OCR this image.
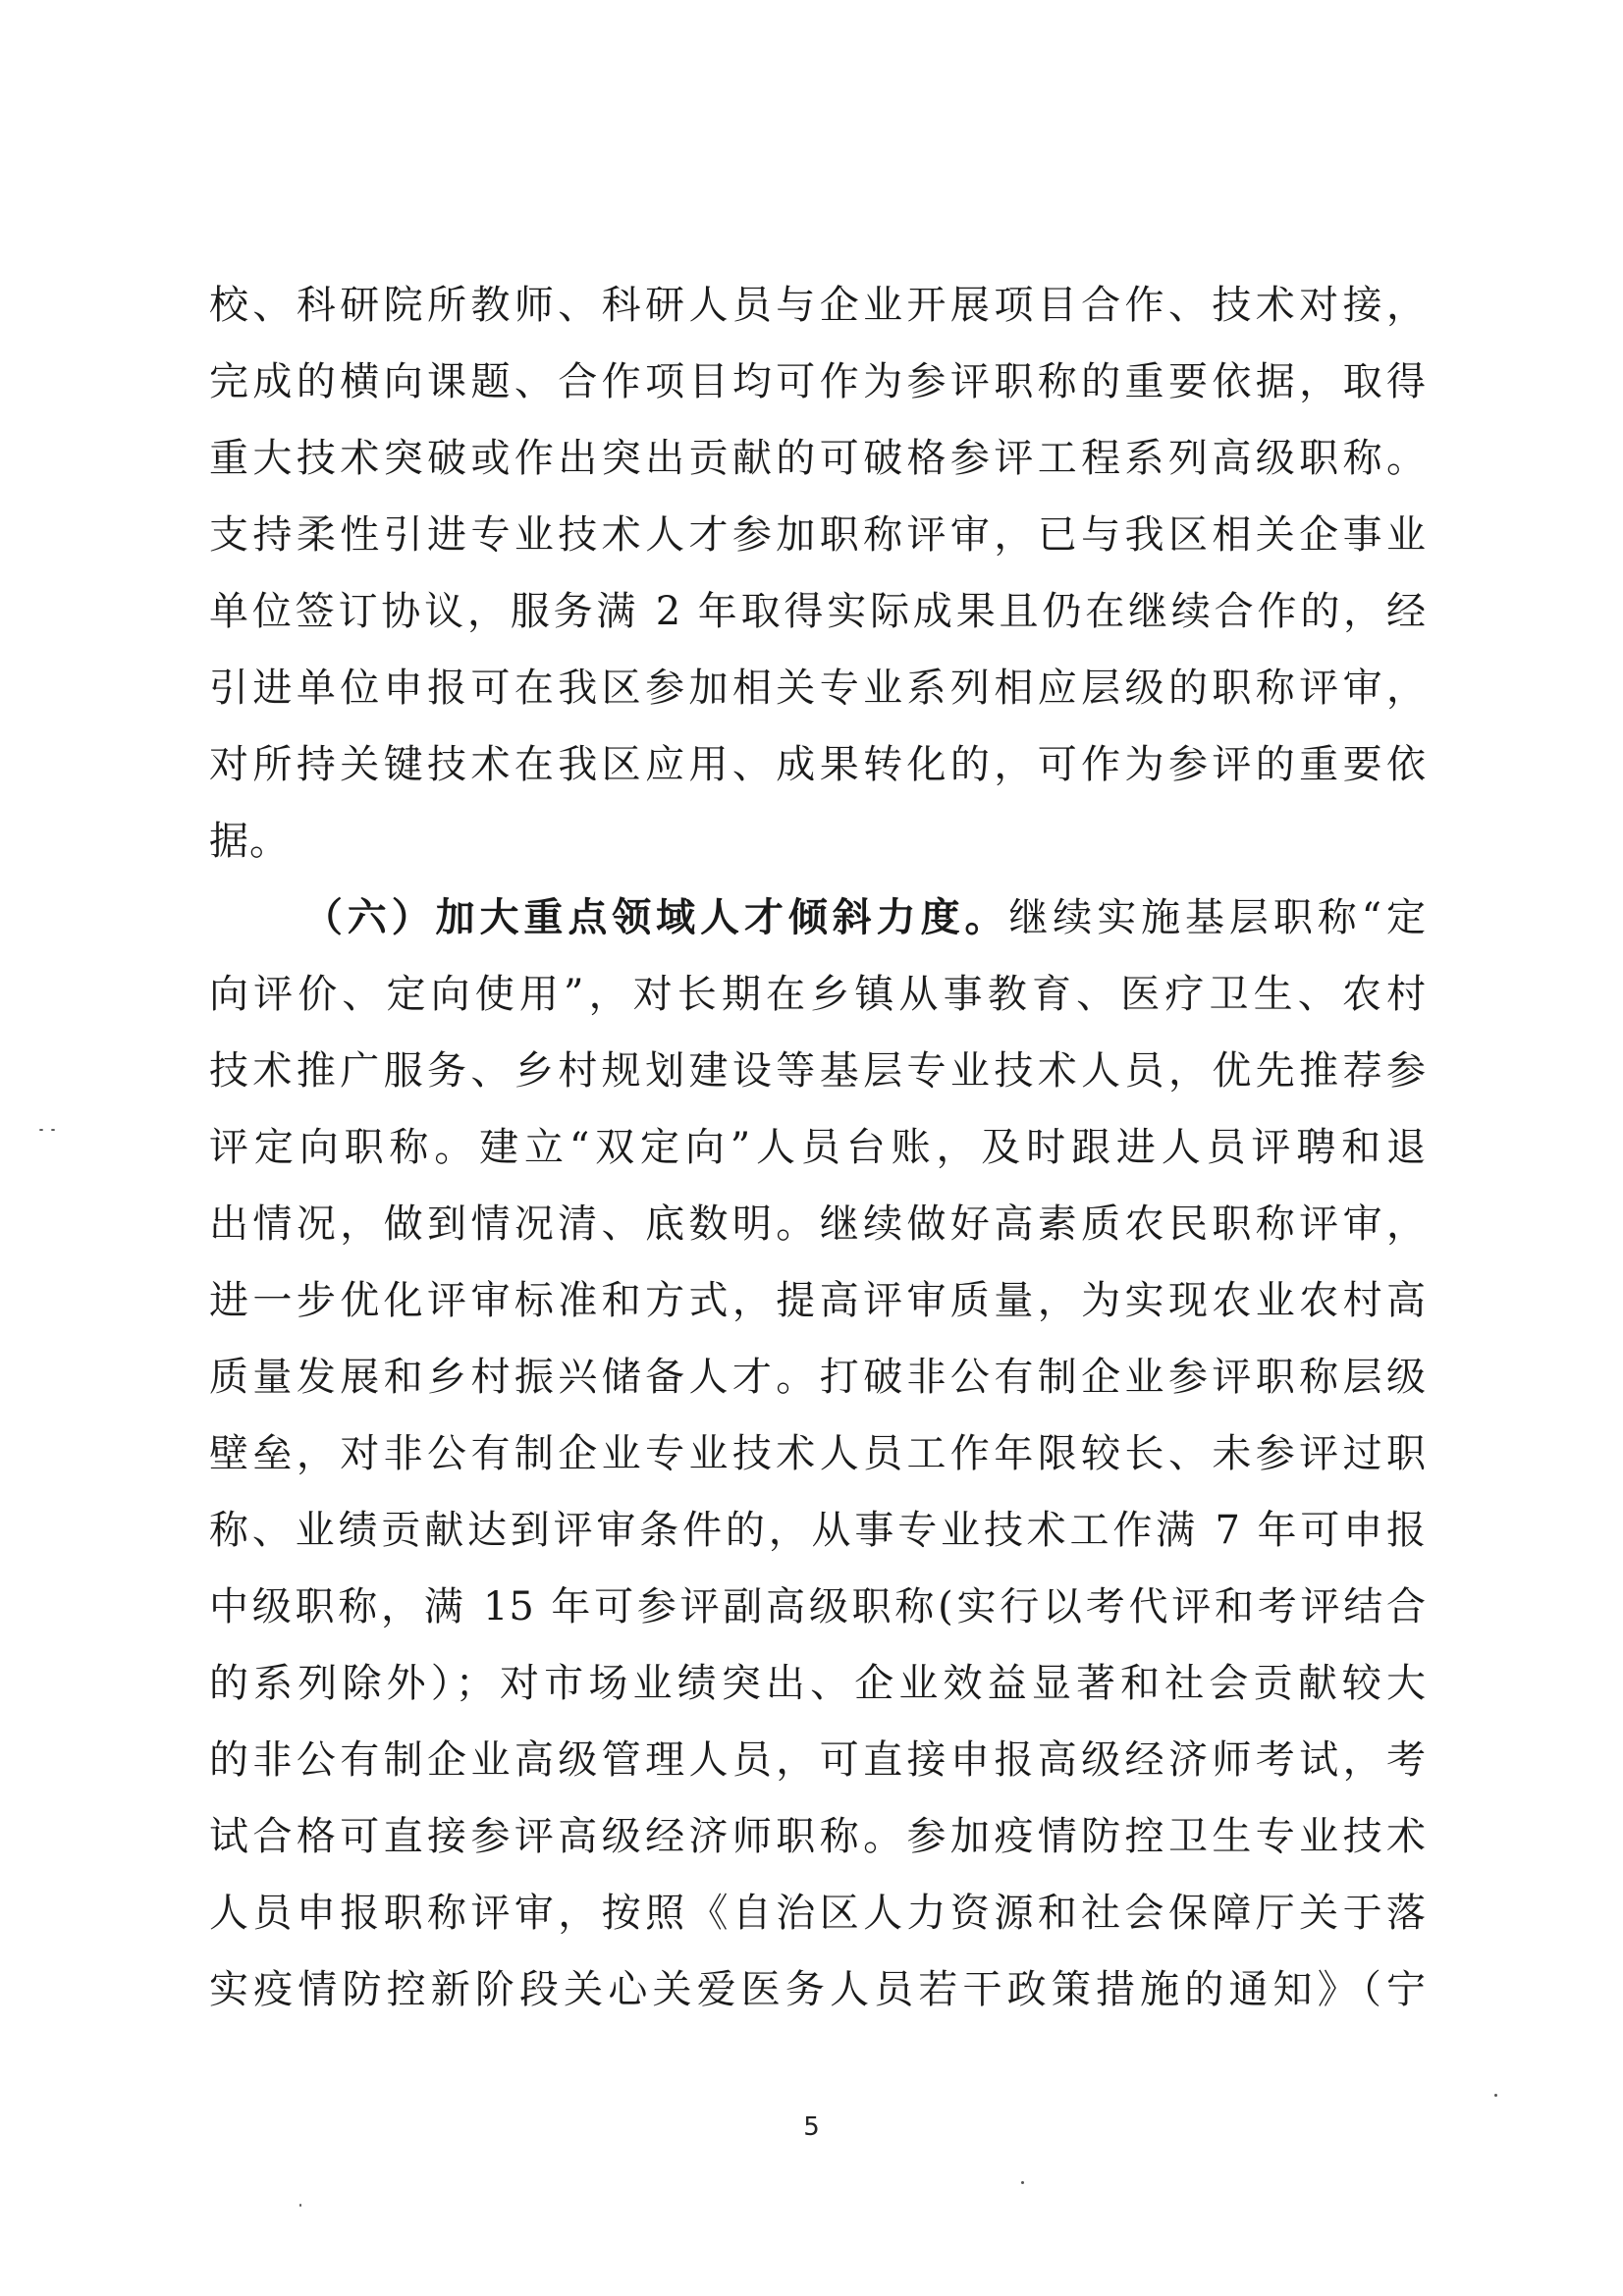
校、科研院所教师、科研人员与企业开展项目合作、技术对接，
完成的横向课题、合作项目均可作为参评职称的重要依据，取得
重大技术突破或作出突出贡献的可破格参评工程系列高级职称。
支持柔性引进专业技术人才参加职称评审，已与我区相关企事业
单位签订协议，服务满 2 年取得实际成果且仍在继续合作的，经
引进单位申报可在我区参加相关专业系列相应层级的职称评审，
对所持关键技术在我区应用、成果转化的，可作为参评的重要依
据。
（六）加大重点领域人才倾斜力度。继续实施基层职称“定
向评价、定向使用”，对长期在乡镇从事教育、医疗卫生、农村
技术推广服务、乡村规划建设等基层专业技术人员，优先推荐参
评定向职称。建立“双定向”人员台账，及时跟进人员评聘和退
出情况，做到情况清、底数明。继续做好高素质农民职称评审，
进一步优化评审标准和方式，提高评审质量，为实现农业农村高
质量发展和乡村振兴储备人才。打破非公有制企业参评职称层级
壁垒，对非公有制企业专业技术人员工作年限较长、未参评过职
称、业绩贡献达到评审条件的，从事专业技术工作满 7 年可申报
中级职称，满 15 年可参评副高级职称(实行以考代评和考评结合
的系列除外）；对市场业绩突出、企业效益显著和社会贡献较大
的非公有制企业高级管理人员，可直接申报高级经济师考试，考
试合格可直接参评高级经济师职称。参加疫情防控卫生专业技术
人员申报职称评审，按照《自治区人力资源和社会保障厅关于落
实疫情防控新阶段关心关爱医务人员若干政策措施的通知》（宁
5
